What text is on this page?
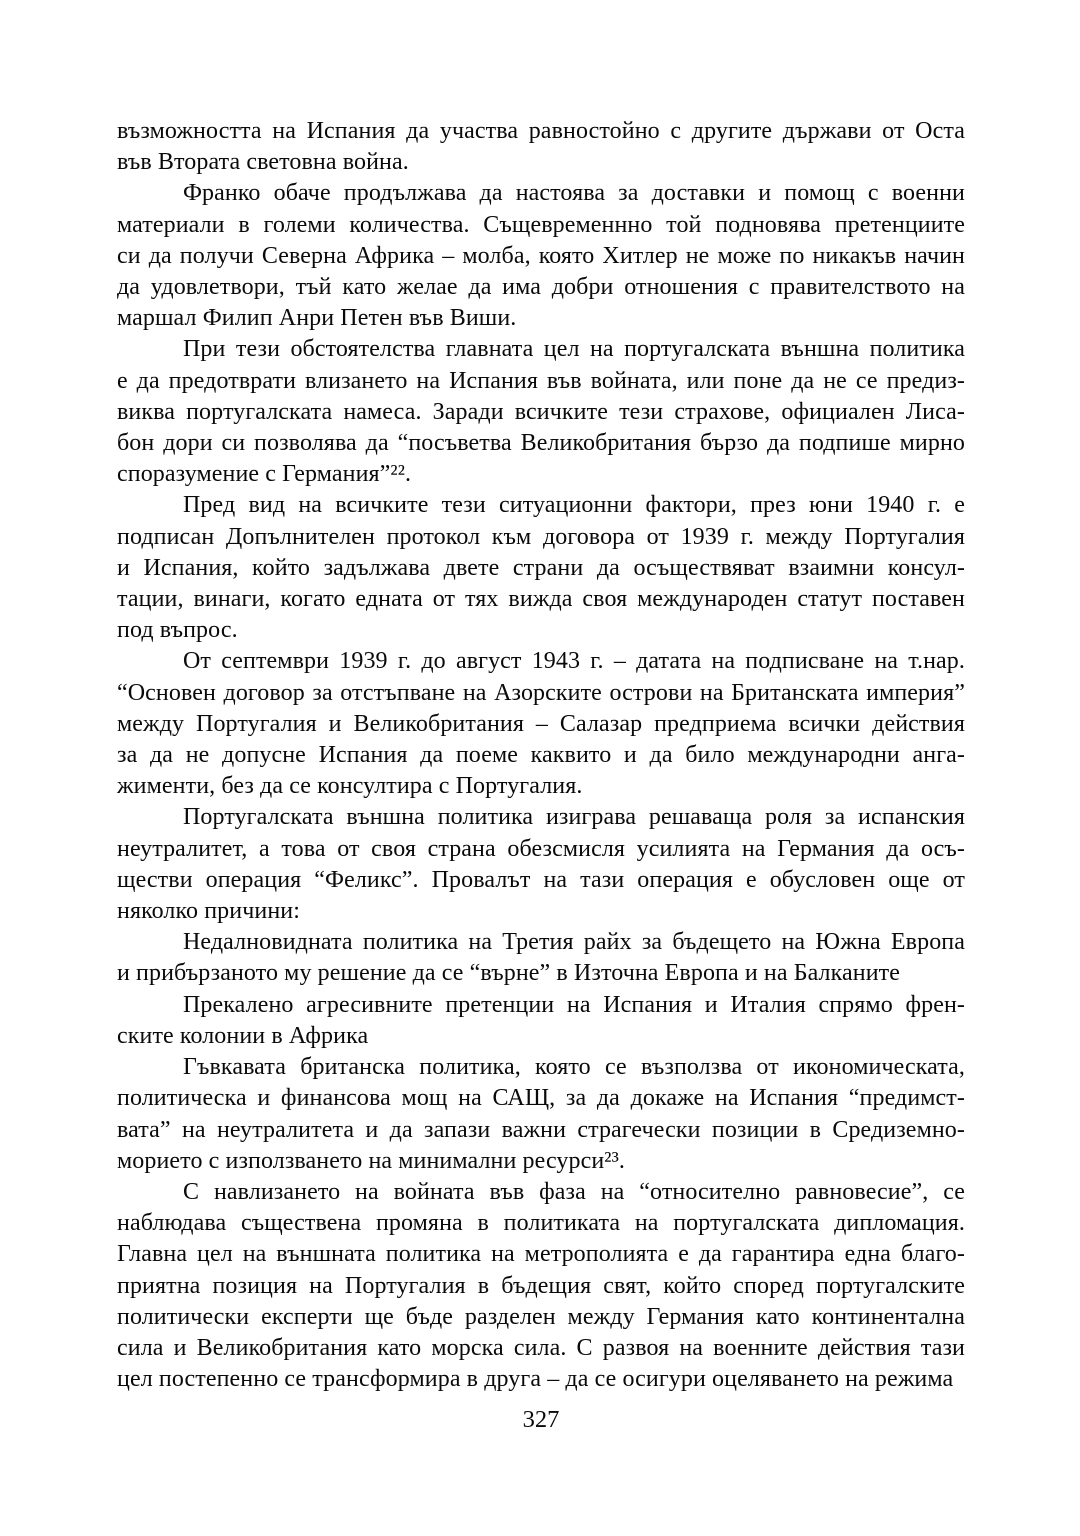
възможността на Испания да участва равностойно с другите държави от Оста
във Втората световна война.
Франко обаче продължава да настоява за доставки и помощ с военни
материали в големи количества. Същевременнно той подновява претенциите
си да получи Северна Африка – молба, която Хитлер не може по никакъв начин
да удовлетвори, тъй като желае да има добри отношения с правителството на
маршал Филип Анри Петен във Виши.
При тези обстоятелства главната цел на португалската външна политика
е да предотврати влизането на Испания във войната, или поне да не се предиз-
виква португалската намеса. Заради всичките тези страхове, официален Лиса-
бон дори си позволява да “посъветва Великобритания бързо да подпише мирно
споразумение с Германия”²².
Пред вид на всичките тези ситуационни фактори, през юни 1940 г. е
подписан Допълнителен протокол към договора от 1939 г. между Португалия
и Испания, който задължава двете страни да осъществяват взаимни консул-
тации, винаги, когато едната от тях вижда своя международен статут поставен
под въпрос.
От септември 1939 г. до август 1943 г. – датата на подписване на т.нар.
“Основен договор за отстъпване на Азорските острови на Британската империя”
между Португалия и Великобритания – Салазар предприема всички действия
за да не допусне Испания да поеме каквито и да било международни анга-
жименти, без да се консултира с Португалия.
Португалската външна политика изиграва решаваща роля за испанския
неутралитет, а това от своя страна обезсмисля усилията на Германия да осъ-
ществи операция “Феликс”. Провалът на тази операция е обусловен още от
няколко причини:
Недалновидната политика на Третия райх за бъдещето на Южна Европа
и прибързаното му решение да се “върне” в Източна Европа и на Балканите
Прекалено агресивните претенции на Испания и Италия спрямо френ-
ските колонии в Африка
Гъвкавата британска политика, която се възползва от икономическата,
политическа и финансова мощ на САЩ, за да докаже на Испания “предимст-
вата” на неутралитета и да запази важни страгечески позиции в Средиземно-
морието с използването на минимални ресурси²³.
С навлизането на войната във фаза на “относително равновесие”, се
наблюдава съществена промяна в политиката на португалската дипломация.
Главна цел на външната политика на метрополията е да гарантира една благо-
приятна позиция на Португалия в бъдещия свят, който според португалските
политически експерти ще бъде разделен между Германия като континентална
сила и Великобритания като морска сила. С развоя на военните действия тази
цел постепенно се трансформира в друга – да се осигури оцеляването на режима
327
